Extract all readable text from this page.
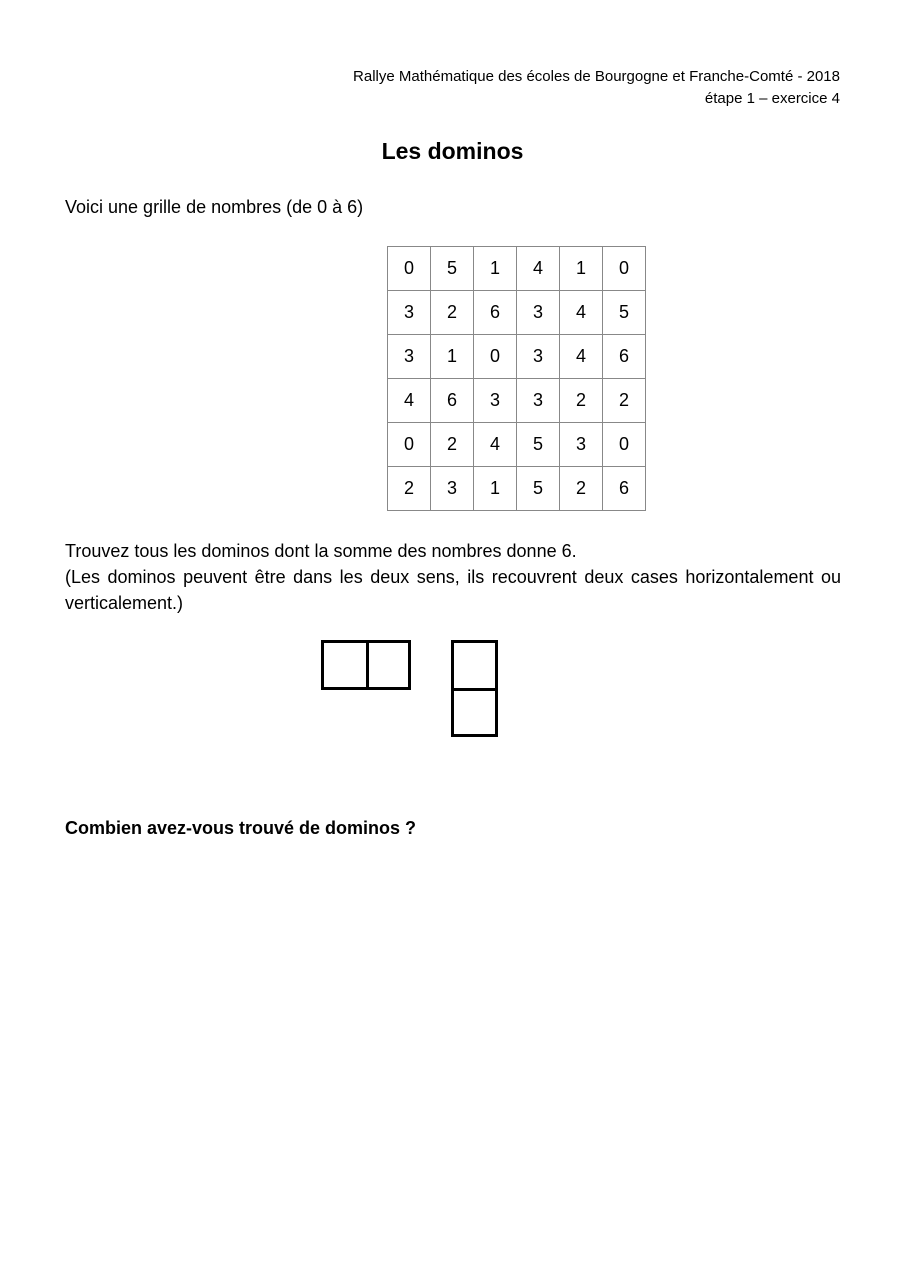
Rallye Mathématique des écoles de Bourgogne et Franche-Comté - 2018
étape 1 – exercice 4
Les dominos
Voici une grille de nombres (de 0 à 6)
0	5	1	4	1	0
3	2	6	3	4	5
3	1	0	3	4	6
4	6	3	3	2	2
0	2	4	5	3	0
2	3	1	5	2	6

Trouvez tous les dominos dont la somme des nombres donne 6.

(Les dominos peuvent être dans les deux sens, ils recouvrent deux cases horizontalement ou verticalement.)

Combien avez-vous trouvé de dominos ?
